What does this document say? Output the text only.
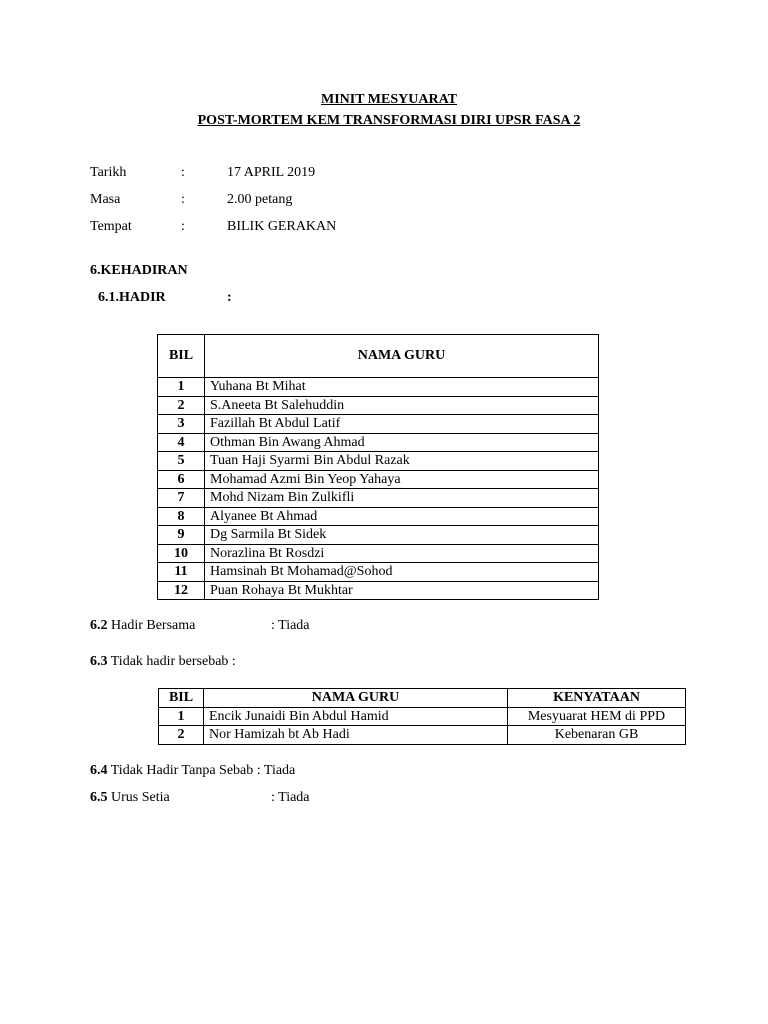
MINIT MESYUARAT
POST-MORTEM KEM TRANSFORMASI DIRI UPSR FASA 2
Tarikh	:	17 APRIL 2019
Masa	:	2.00 petang
Tempat	:	BILIK GERAKAN
6.KEHADIRAN
6.1.HADIR	:
BIL	NAMA GURU
1	Yuhana Bt Mihat
2	S.Aneeta Bt Salehuddin
3	Fazillah Bt Abdul Latif
4	Othman Bin Awang Ahmad
5	Tuan Haji Syarmi Bin Abdul Razak
6	Mohamad Azmi Bin Yeop Yahaya
7	Mohd Nizam Bin Zulkifli
8	Alyanee Bt Ahmad
9	Dg Sarmila Bt Sidek
10	Norazlina Bt Rosdzi
11	Hamsinah Bt Mohamad@Sohod
12	Puan Rohaya Bt Mukhtar
6.2 Hadir Bersama	: Tiada
6.3 Tidak hadir bersebab :
BIL	NAMA GURU	KENYATAAN
1	Encik Junaidi Bin Abdul Hamid	Mesyuarat HEM di PPD
2	Nor Hamizah bt Ab Hadi	Kebenaran GB
6.4 Tidak Hadir Tanpa Sebab : Tiada
6.5 Urus Setia	: Tiada
